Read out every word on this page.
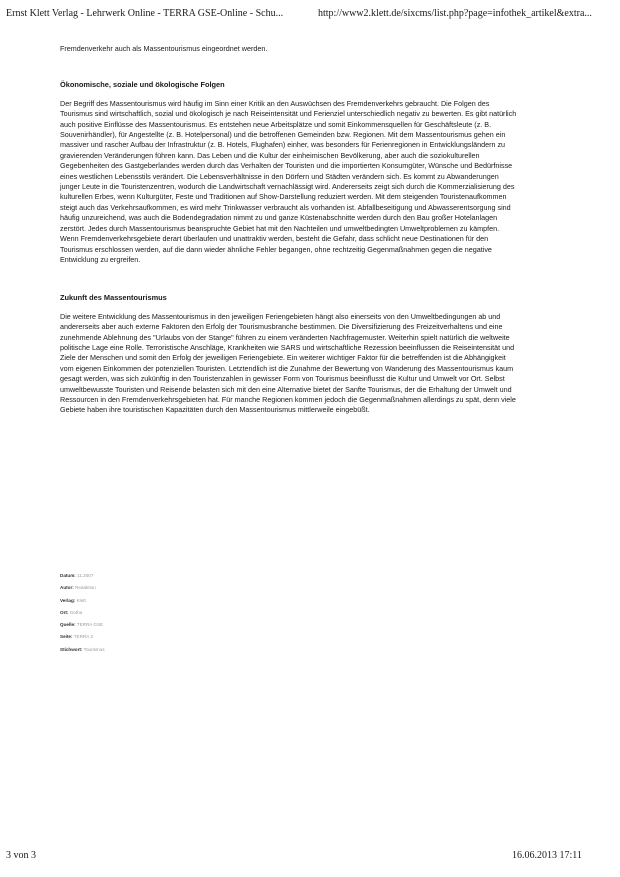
Ernst Klett Verlag - Lehrwerk Online - TERRA GSE-Online - Schu...	http://www2.klett.de/sixcms/list.php?page=infothek_artikel&extra...

Fremdenverkehr auch als Massentourismus eingeordnet werden.

Ökonomische, soziale und ökologische Folgen

Der Begriff des Massentourismus wird häufig im Sinn einer Kritik an den Auswüchsen des Fremdenverkehrs gebraucht. Die Folgen des Tourismus sind wirtschaftlich, sozial und ökologisch je nach Reiseintensität und Ferienziel unterschiedlich negativ zu bewerten. Es gibt natürlich auch positive Einflüsse des Massentourismus. Es entstehen neue Arbeitsplätze und somit Einkommensquellen für Geschäftsleute (z. B. Souvenirhändler), für Angestellte (z. B. Hotelpersonal) und die betroffenen Gemeinden bzw. Regionen. Mit dem Massentourismus gehen ein massiver und rascher Aufbau der Infrastruktur (z. B. Hotels, Flughafen) einher, was besonders für Ferienregionen in Entwicklungsländern zu gravierenden Veränderungen führen kann. Das Leben und die Kultur der einheimischen Bevölkerung, aber auch die soziokulturellen Gegebenheiten des Gastgeberlandes werden durch das Verhalten der Touristen und die importierten Konsumgüter, Wünsche und Bedürfnisse eines westlichen Lebensstils verändert. Die Lebensverhältnisse in den Dörfern und Städten verändern sich. Es kommt zu Abwanderungen junger Leute in die Touristenzentren, wodurch die Landwirtschaft vernachlässigt wird. Andererseits zeigt sich durch die Kommerzialisierung des kulturellen Erbes, wenn Kulturgüter, Feste und Traditionen auf Show-Darstellung reduziert werden. Mit dem steigenden Touristenaufkommen steigt auch das Verkehrsaufkommen, es wird mehr Trinkwasser verbraucht als vorhanden ist. Abfallbeseitigung und Abwasserentsorgung sind häufig unzureichend, was auch die Bodendegradation nimmt zu und ganze Küstenabschnitte werden durch den Bau großer Hotelanlagen zerstört. Jedes durch Massentourismus beanspruchte Gebiet hat mit den Nachteilen und umweltbedingten Umweltproblemen zu kämpfen. Wenn Fremdenverkehrsgebiete derart überlaufen und unattraktiv werden, besteht die Gefahr, dass schlicht neue Destinationen für den Tourismus erschlossen werden, auf die dann wieder ähnliche Fehler begangen, ohne rechtzeitig Gegenmaßnahmen gegen die negative Entwicklung zu ergreifen.

Zukunft des Massentourismus

Die weitere Entwicklung des Massentourismus in den jeweiligen Feriengebieten hängt also einerseits von den Umweltbedingungen ab und andererseits aber auch externe Faktoren den Erfolg der Tourismusbranche bestimmen. Die Diversifizierung des Freizeitverhaltens und eine zunehmende Ablehnung des "Urlaubs von der Stange" führen zu einem veränderten Nachfragemuster. Weiterhin spielt natürlich die weltweite politische Lage eine Rolle. Terroristische Anschläge, Krankheiten wie SARS und wirtschaftliche Rezession beeinflussen die Reiseintensität und Ziele der Menschen und somit den Erfolg der jeweiligen Feriengebiete. Ein weiterer wichtiger Faktor für die betreffenden ist die Abhängigkeit vom eigenen Einkommen der potenziellen Touristen. Letztendlich ist die Zunahme der Bewertung von Wanderung des Massentourismus kaum gesagt werden, was sich zukünftig in den Touristenzahlen in gewisser Form von Tourismus beeinflusst die Kultur und Umwelt vor Ort. Selbst umweltbewusste Touristen und Reisende belasten sich mit den eine Alternative bietet der Sanfte Tourismus, der die Erhaltung der Umwelt und Ressourcen in den Fremdenverkehrsgebieten hat. Für manche Regionen kommen jedoch die Gegenmaßnahmen allerdings zu spät, denn viele Gebiete haben ihre touristischen Kapazitäten durch den Massentourismus mittlerweile eingebüßt.

Datum: 11.2007
Autor: Redaktion
Verlag: Klett
Ort: Gotha
Quelle: TERRA GSE
Seite: TERRA 3
Stichwort: Tourismus
3 von 3	16.06.2013 17:11
